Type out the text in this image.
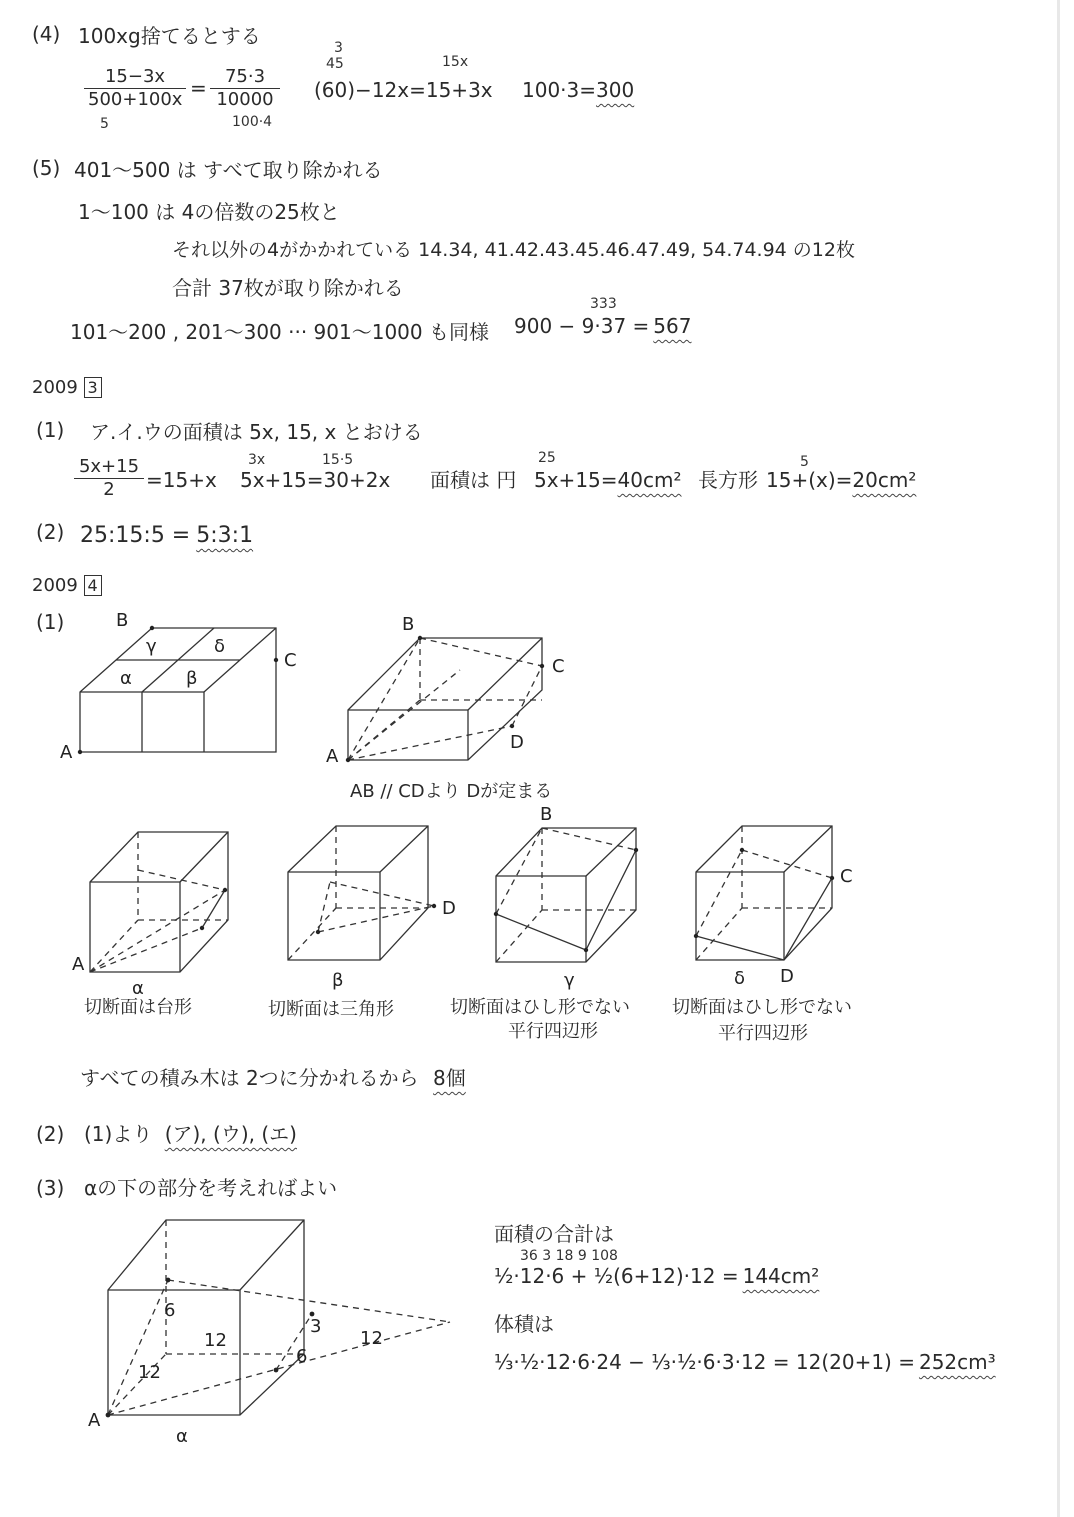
(4) 100xg捨てるとする
$\frac{15-3x}{500+100x}$
5
= $\frac{75\cdot 3}{10000}$
100·4
3
45	15x
(60)−12x=15+3x 100·3=300
(5) 401〜500 は すべて取り除かれる
1〜100 は 4の倍数の25枚と
それ以外の4がかかれている 14.34, 41.42.43.45.46.47.49, 54.74.94 の12枚
合計 37枚が取り除かれる
101〜200 , 201〜300 ··· 901〜1000 も同様
333
900 − 9·37 = 567
2009 3
(1) ア.イ.ウの面積は 5x, 15, x とおける
$\frac{5x+15}{2} =15+x$
3x	15·5
5x+15=30+2x 面積は 円
25
5x+15=40cm² 長方形
5
15+(x)=20cm²
(2) 25:15:5 = 5:3:1
2009 4
(1)	B
C
A
γ	δ
α	β
B
C
D
A
AB // CDより Dが定まる
A
α
D
β
B
γ
C
D
δ
切断面は台形	切断面は三角形	切断面はひし形でない
平行四辺形
切断面はひし形でない
平行四辺形
すべての積み木は 2つに分かれるから 8個
(2) (1)より (ア), (ウ), (エ)
(3) αの下の部分を考えればよい
6
12
12
3
12
6
A
α
面積の合計は
36 3 18 9 108
½·12·6 + ½(6+12)·12 = 144cm²
体積は
⅓·½·12·6·24 − ⅓·½·6·3·12 = 12(20+1) = 252cm³
